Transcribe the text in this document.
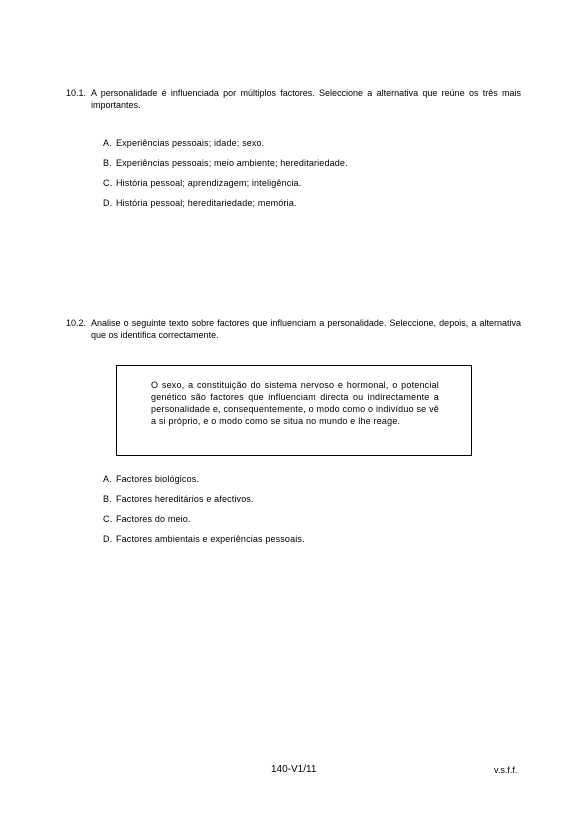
10.1. A personalidade é influenciada por múltiplos factores. Seleccione a alternativa que reúne os três mais importantes.
A. Experiências pessoais; idade; sexo.
B. Experiências pessoais; meio ambiente; hereditariedade.
C. História pessoal; aprendizagem; inteligência.
D. História pessoal; hereditariedade; memória.
10.2. Analise o seguinte texto sobre factores que influenciam a personalidade. Seleccione, depois, a alternativa que os identifica correctamente.
O sexo, a constituição do sistema nervoso e hormonal, o potencial genético são factores que influenciam directa ou indirectamente a personalidade e, consequentemente, o modo como o indivíduo se vê a si próprio, e o modo como se situa no mundo e lhe reage.
A. Factores biológicos.
B. Factores hereditários e afectivos.
C. Factores do meio.
D. Factores ambientais e experiências pessoais.
140-V1/11	v.s.f.f.
